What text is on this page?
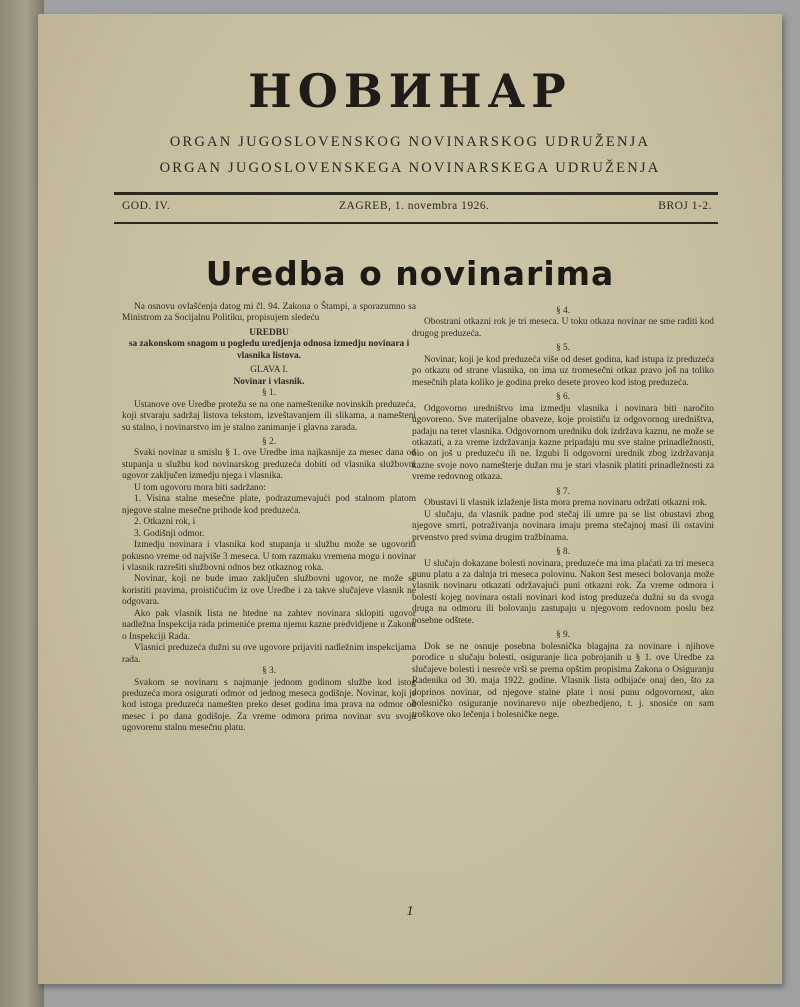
НОВИНАР
ORGAN JUGOSLOVENSKOG NOVINARSKOG UDRUŽENJA
ORGAN JUGOSLOVENSKEGA NOVINARSKEGA UDRUŽENJA
GOD. IV.	ZAGREB, 1. novembra 1926.	BROJ 1-2.
Uredba o novinarima

Na osnovu ovlašćenja datog mi čl. 94. Zakona o Štampi, a sporazumno sa Ministrom za Socijalnu Politiku, propisujem sledeću

UREDBU

sa zakonskom snagom u pogledu uredjenja odnosa izmedju novinara i vlasnika listova.

GLAVA I.

Novinar i vlasnik.

§ 1.

Ustanove ove Uredbe protežu se na one nameštenike novinskih preduzeća, koji stvaraju sadržaj listova tekstom, izveštavanjem ili slikama, a namešteni su stalno, i novinarstvo im je stalno zanimanje i glavna zarada.

§ 2.

Svaki novinar u smislu § 1. ove Uredbe ima najkasnije za mesec dana od stupanja u službu kod novinarskog preduzeća dobiti od vlasnika službovni ugovor zaključen izmedju njega i vlasnika.

U tom ugovoru mora biti sadržano:

1. Visina stalne mesečne plate, podrazumevajući pod stalnom platom njegove stalne mesečne prihode kod preduzeća.

2. Otkazni rok, i

3. Godišnji odmor.

Izmedju novinara i vlasnika kod stupanja u službu može se ugovoriti pokusno vreme od najviše 3 meseca. U tom razmaku vremena mogu i novinar i vlasnik razrešiti službovni odnos bez otkaznog roka.

Novinar, koji ne bude imao zaključen službovni ugovor, ne može se koristiti pravima, proističućim iz ove Uredbe i za takve slučajeve vlasnik ne odgovara.

Ako pak vlasnik lista ne htedne na zahtev novinara sklopiti ugovor nadležna Inspekcija rada primeniće prema njemu kazne predvidjene u Zakonu o Inspekciji Rada.

Vlasnici preduzeća dužni su ove ugovore prijaviti nadležnim inspekcijama rada.

§ 3.

Svakom se novinaru s najmanje jednom godinom službe kod istog preduzeća mora osigurati odmor od jednog meseca godišnje. Novinar, koji je kod istoga preduzeća namešten preko deset godina ima prava na odmor od mesec i po dana godišnje. Za vreme odmora prima novinar svu svoju ugovorenu stalnu mesečnu platu.

§ 4.

Obostrani otkazni rok je tri meseca. U toku otkaza novinar ne sme raditi kod drugog preduzeća.

§ 5.

Novinar, koji je kod preduzeća više od deset godina, kad istupa iz preduzeća po otkazu od strane vlasnika, on ima uz tromesečni otkaz pravo još na toliko mesečnih plata koliko je godina preko desete proveo kod istog preduzeća.

§ 6.

Odgovorno uredništvo ima izmedju vlasnika i novinara biti naročito ugovoreno. Sve materijalne obaveze, koje proističu iz odgovornog uredništva, padaju na teret vlasnika. Odgovornom uredniku dok izdržava kaznu, ne može se otkazati, a za vreme izdržavanja kazne pripadaju mu sve stalne prinadležnosti, bio on još u preduzeću ili ne. Izgubi li odgovorni urednik zbog izdržavanja kazne svoje novo namešterje dužan mu je stari vlasnik platiti prinadležnosti za vreme redovnog otkaza.

§ 7.

Obustavi li vlasnik izlaženje lista mora prema novinaru održati otkazni rok.

U slučaju, da vlasnik padne pod stečaj ili umre pa se list obustavi zbog njegove smrti, potraživanja novinara imaju prema stečajnoj masi ili ostavini prvenstvo pred svima drugim tražbinama.

§ 8.

U slučaju dokazane bolesti novinara, preduzeće ma ima plaćati za tri meseca punu platu a za dalnja tri meseca polovinu. Nakon šest meseci bolovanja može vlasnik novinaru otkazati održavajući puni otkazni rok. Za vreme odmora i bolesti kojeg novinara ostali novinari kod istog preduzeća dužni su da svoga druga na odmoru ili bolovanju zastupaju u njegovom redovnom poslu bez posebne odštete.

§ 9.

Dok se ne osnuje posebna bolesnička blagajna za novinare i njihove porodice u slučaju bolesti, osiguranje lica pobrojanih u § 1. ove Uredbe za slučajeve bolesti i nesreće vrši se prema opštim propisima Zakona o Osiguranju Radenika od 30. maja 1922. godine. Vlasnik lista odbijaće onaj deo, što za doprinos novinar, od njegove stalne plate i nosi punu odgovornost, ako bolesničko osiguranje novinarevo nije obezbedjeno, t. j. snosiće on sam troškove oko lečenja i bolesničke nege.

1
